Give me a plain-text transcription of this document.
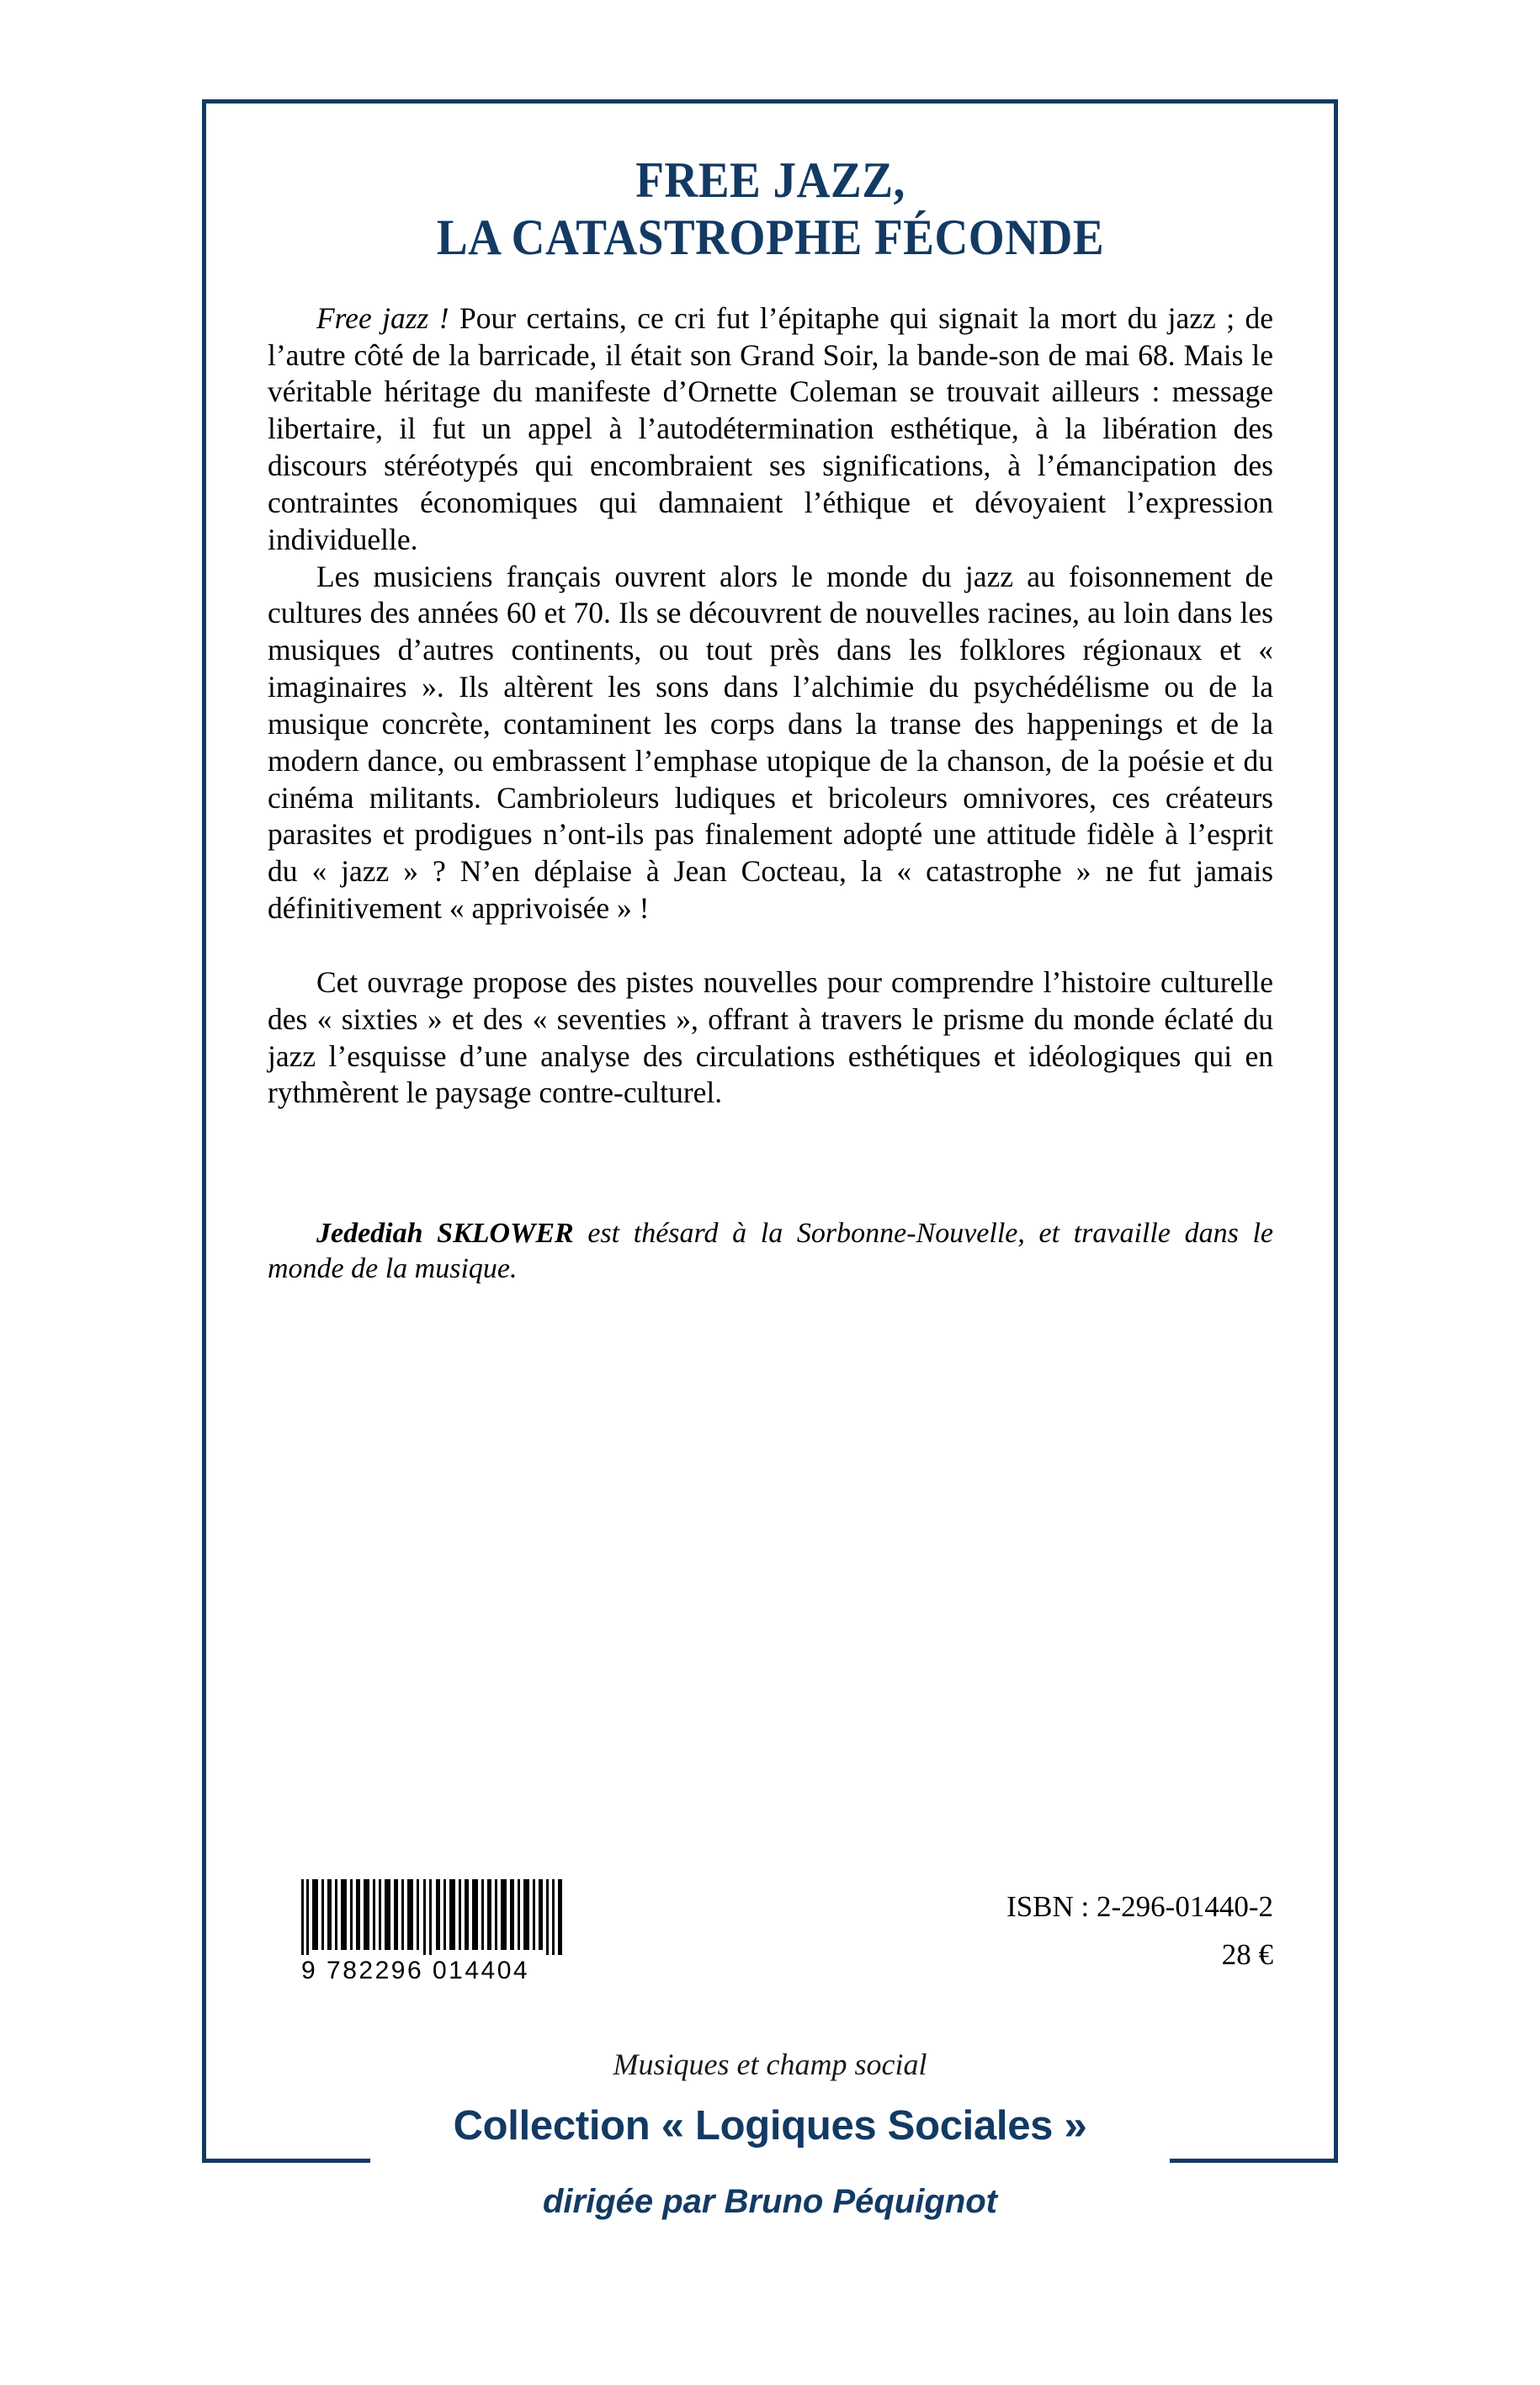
FREE JAZZ,
LA CATASTROPHE FÉCONDE

Free jazz ! Pour certains, ce cri fut l’épitaphe qui signait la mort du jazz ; de l’autre côté de la barricade, il était son Grand Soir, la bande-son de mai 68. Mais le véritable héritage du manifeste d’Ornette Coleman se trouvait ailleurs : message libertaire, il fut un appel à l’autodétermination esthétique, à la libération des discours stéréotypés qui encombraient ses significations, à l’émancipation des contraintes économiques qui damnaient l’éthique et dévoyaient l’expression individuelle.

Les musiciens français ouvrent alors le monde du jazz au foisonnement de cultures des années 60 et 70. Ils se découvrent de nouvelles racines, au loin dans les musiques d’autres continents, ou tout près dans les folklores régionaux et « imaginaires ». Ils altèrent les sons dans l’alchimie du psychédélisme ou de la musique concrète, contaminent les corps dans la transe des happenings et de la modern dance, ou embrassent l’emphase utopique de la chanson, de la poésie et du cinéma militants. Cambrioleurs ludiques et bricoleurs omnivores, ces créateurs parasites et prodigues n’ont-ils pas finalement adopté une attitude fidèle à l’esprit du « jazz » ? N’en déplaise à Jean Cocteau, la « catastrophe » ne fut jamais définitivement « apprivoisée » !

Cet ouvrage propose des pistes nouvelles pour comprendre l’histoire culturelle des « sixties » et des « seventies », offrant à travers le prisme du monde éclaté du jazz l’esquisse d’une analyse des circulations esthétiques et idéologiques qui en rythmèrent le paysage contre-culturel.

Jedediah SKLOWER est thésard à la Sorbonne-Nouvelle, et travaille dans le monde de la musique.

9 782296 014404
ISBN : 2-296-01440-2
28 €
Musiques et champ social
Collection « Logiques Sociales »
dirigée par Bruno Péquignot
